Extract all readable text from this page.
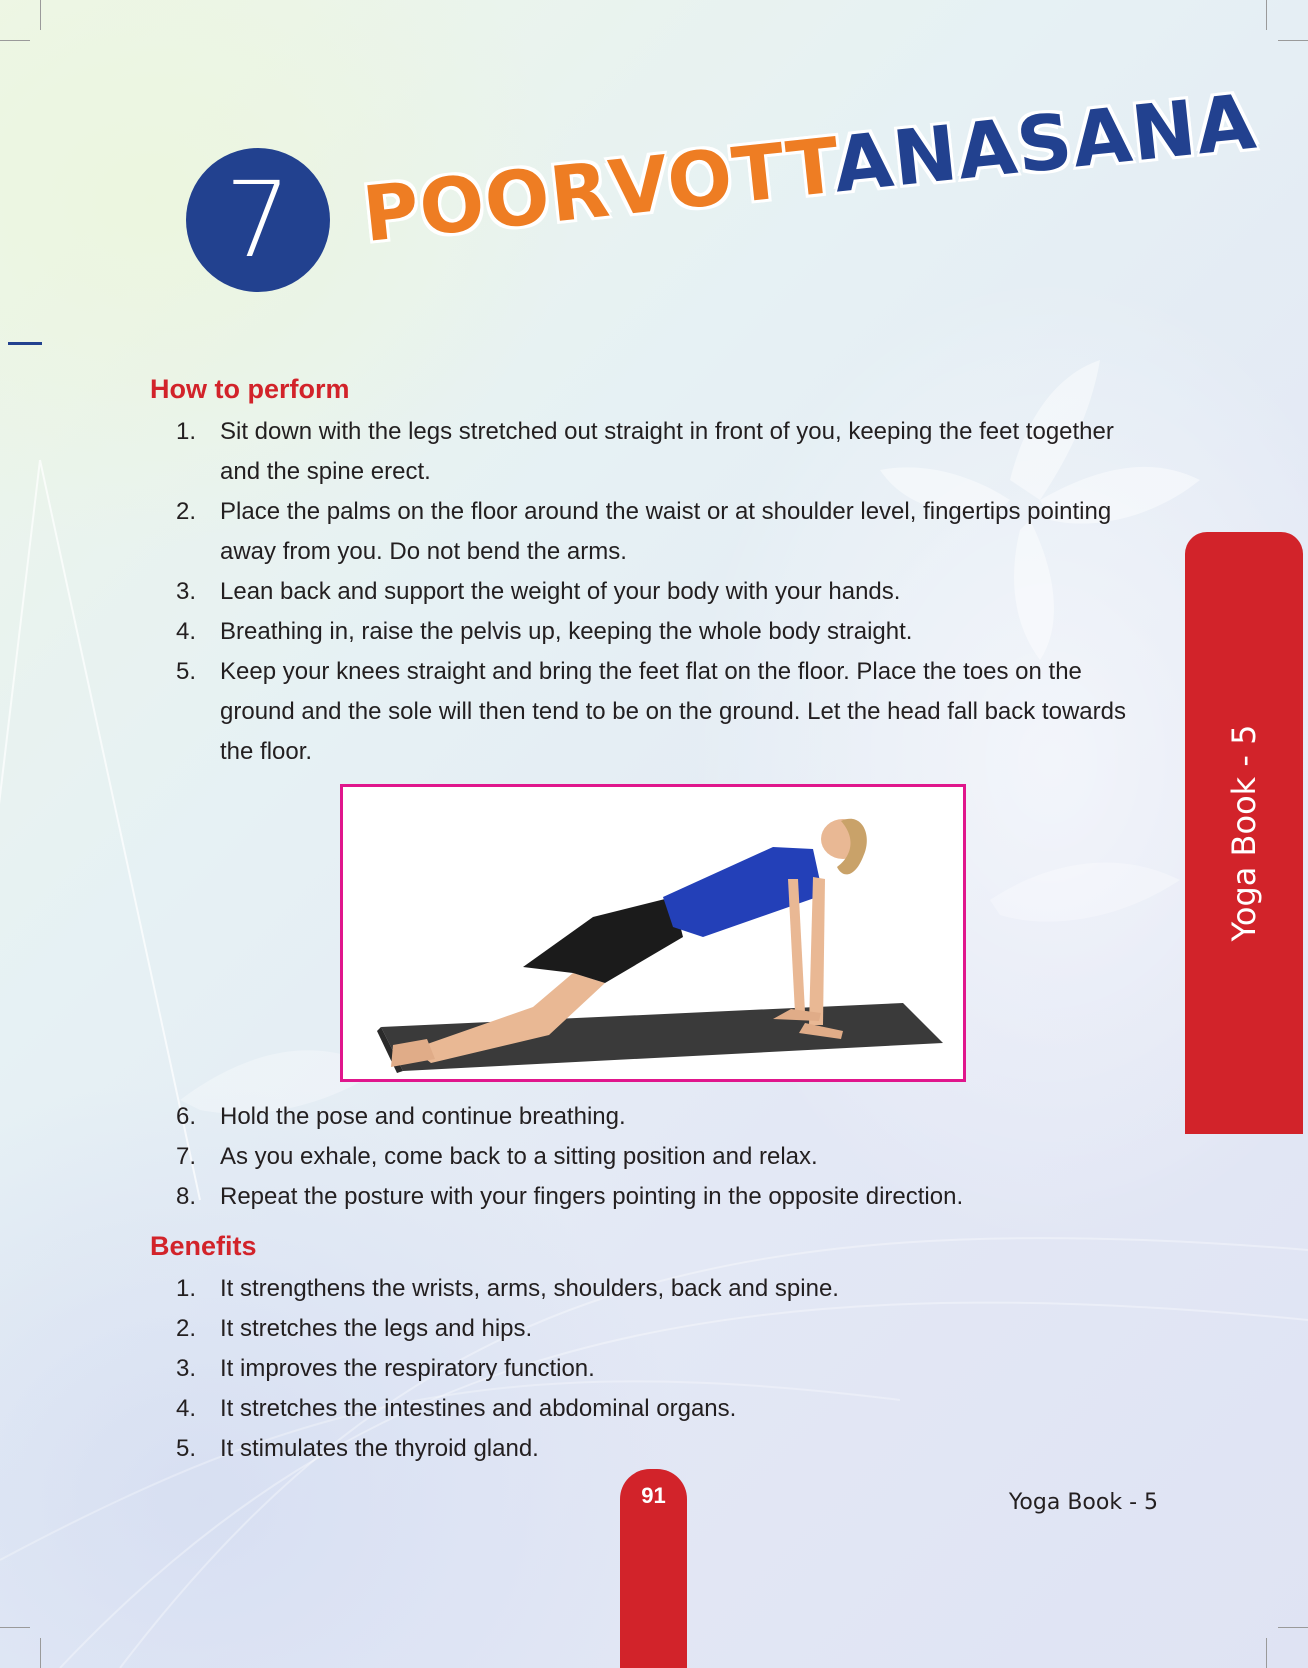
7 POORVOTTANASANA
Yoga Book - 5
How to perform
1. Sit down with the legs stretched out straight in front of you, keeping the feet together and the spine erect.
2. Place the palms on the floor around the waist or at shoulder level, fingertips pointing away from you. Do not bend the arms.
3. Lean back and support the weight of your body with your hands.
4. Breathing in, raise the pelvis up, keeping the whole body straight.
5. Keep your knees straight and bring the feet flat on the floor. Place the toes on the ground and the sole will then tend to be on the ground. Let the head fall back towards the floor.
6. Hold the pose and continue breathing.
7. As you exhale, come back to a sitting position and relax.
8. Repeat the posture with your fingers pointing in the opposite direction.
Benefits
1. It strengthens the wrists, arms, shoulders, back and spine.
2. It stretches the legs and hips.
3. It improves the respiratory function.
4. It stretches the intestines and abdominal organs.
5. It stimulates the thyroid gland.
91	Yoga Book - 5
